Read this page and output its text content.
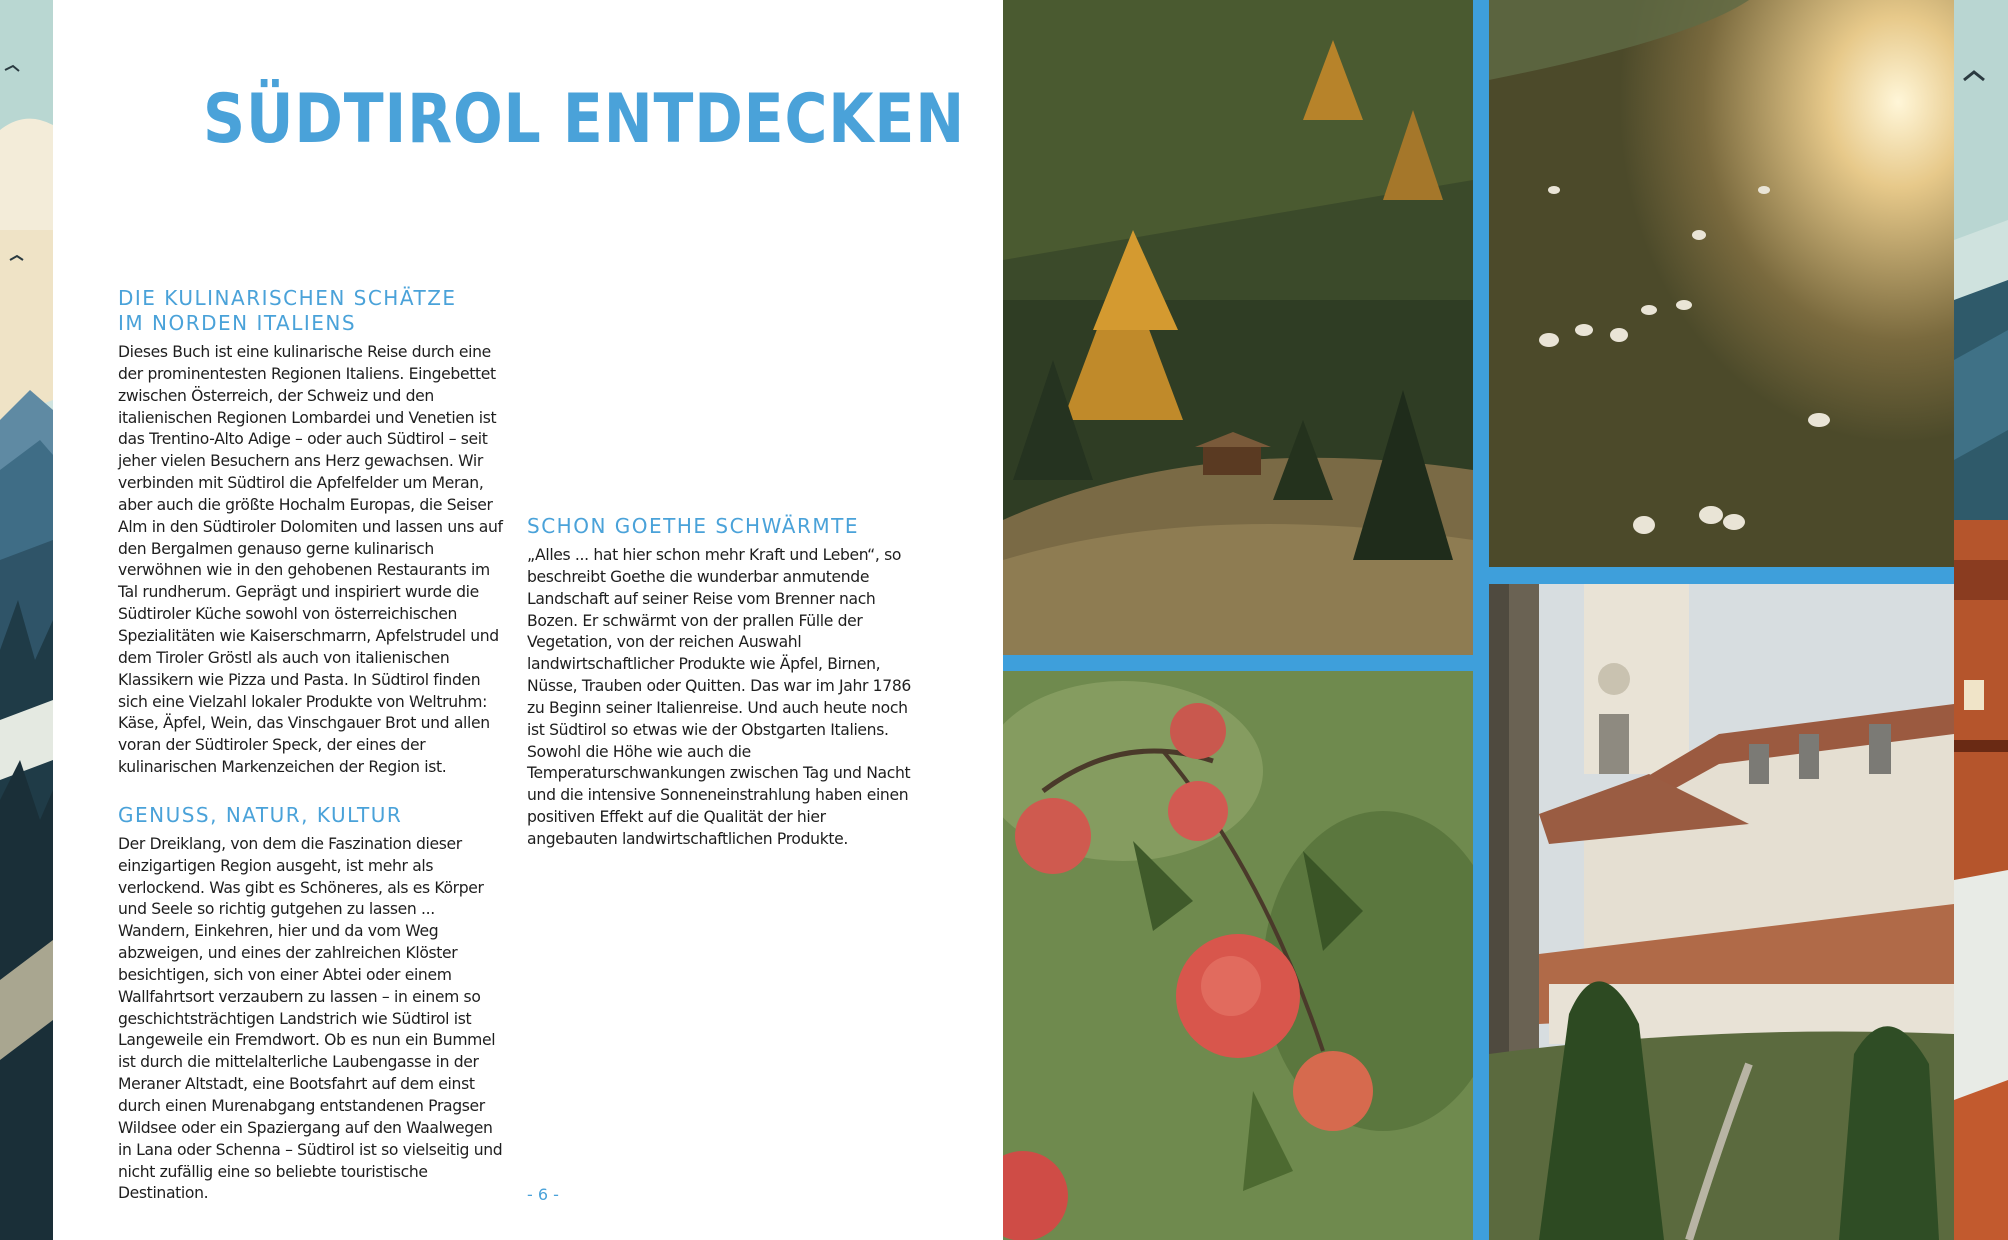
SÜDTIROL ENTDECKEN
DIE KULINARISCHEN SCHÄTZE
IM NORDEN ITALIENS

Dieses Buch ist eine kulinarische Reise durch eine der prominentesten Regionen Italiens. Eingebettet zwischen Österreich, der Schweiz und den italienischen Regionen Lombardei und Venetien ist das Trentino-Alto Adige – oder auch Südtirol – seit jeher vielen Besuchern ans Herz gewachsen. Wir verbinden mit Südtirol die Apfelfelder um Meran, aber auch die größte Hochalm Europas, die Seiser Alm in den Südtiroler Dolomiten und lassen uns auf den Bergalmen genauso gerne kulinarisch verwöhnen wie in den gehobenen Restaurants im Tal rundherum. Geprägt und inspiriert wurde die Südtiroler Küche sowohl von österreichischen Spezialitäten wie Kaiserschmarrn, Apfelstrudel und dem Tiroler Gröstl als auch von italienischen Klassikern wie Pizza und Pasta. In Südtirol finden sich eine Vielzahl lokaler Produkte von Weltruhm: Käse, Äpfel, Wein, das Vinschgauer Brot und allen voran der Südtiroler Speck, der eines der kulinarischen Markenzeichen der Region ist.

GENUSS, NATUR, KULTUR

Der Dreiklang, von dem die Faszination dieser einzigartigen Region ausgeht, ist mehr als verlockend. Was gibt es Schöneres, als es Körper und Seele so richtig gutgehen zu lassen ... Wandern, Einkehren, hier und da vom Weg abzweigen, und eines der zahlreichen Klöster besichtigen, sich von einer Abtei oder einem Wallfahrtsort verzaubern zu lassen – in einem so geschichtsträchtigen Landstrich wie Südtirol ist Langeweile ein Fremdwort. Ob es nun ein Bummel ist durch die mittelalterliche Laubengasse in der Meraner Altstadt, eine Bootsfahrt auf dem einst durch einen Murenabgang entstandenen Pragser Wildsee oder ein Spaziergang auf den Waalwegen in Lana oder Schenna – Südtirol ist so vielseitig und nicht zufällig eine so beliebte touristische Destination.

SCHON GOETHE SCHWÄRMTE

„Alles ... hat hier schon mehr Kraft und Leben“, so beschreibt Goethe die wunderbar anmutende Landschaft auf seiner Reise vom Brenner nach Bozen. Er schwärmt von der prallen Fülle der Vegetation, von der reichen Auswahl landwirtschaftlicher Produkte wie Äpfel, Birnen, Nüsse, Trauben oder Quitten. Das war im Jahr 1786 zu Beginn seiner Italienreise. Und auch heute noch ist Südtirol so etwas wie der Obstgarten Italiens. Sowohl die Höhe wie auch die Temperaturschwankungen zwischen Tag und Nacht und die intensive Sonneneinstrahlung haben einen positiven Effekt auf die Qualität der hier angebauten landwirtschaftlichen Produkte.

- 6 -
